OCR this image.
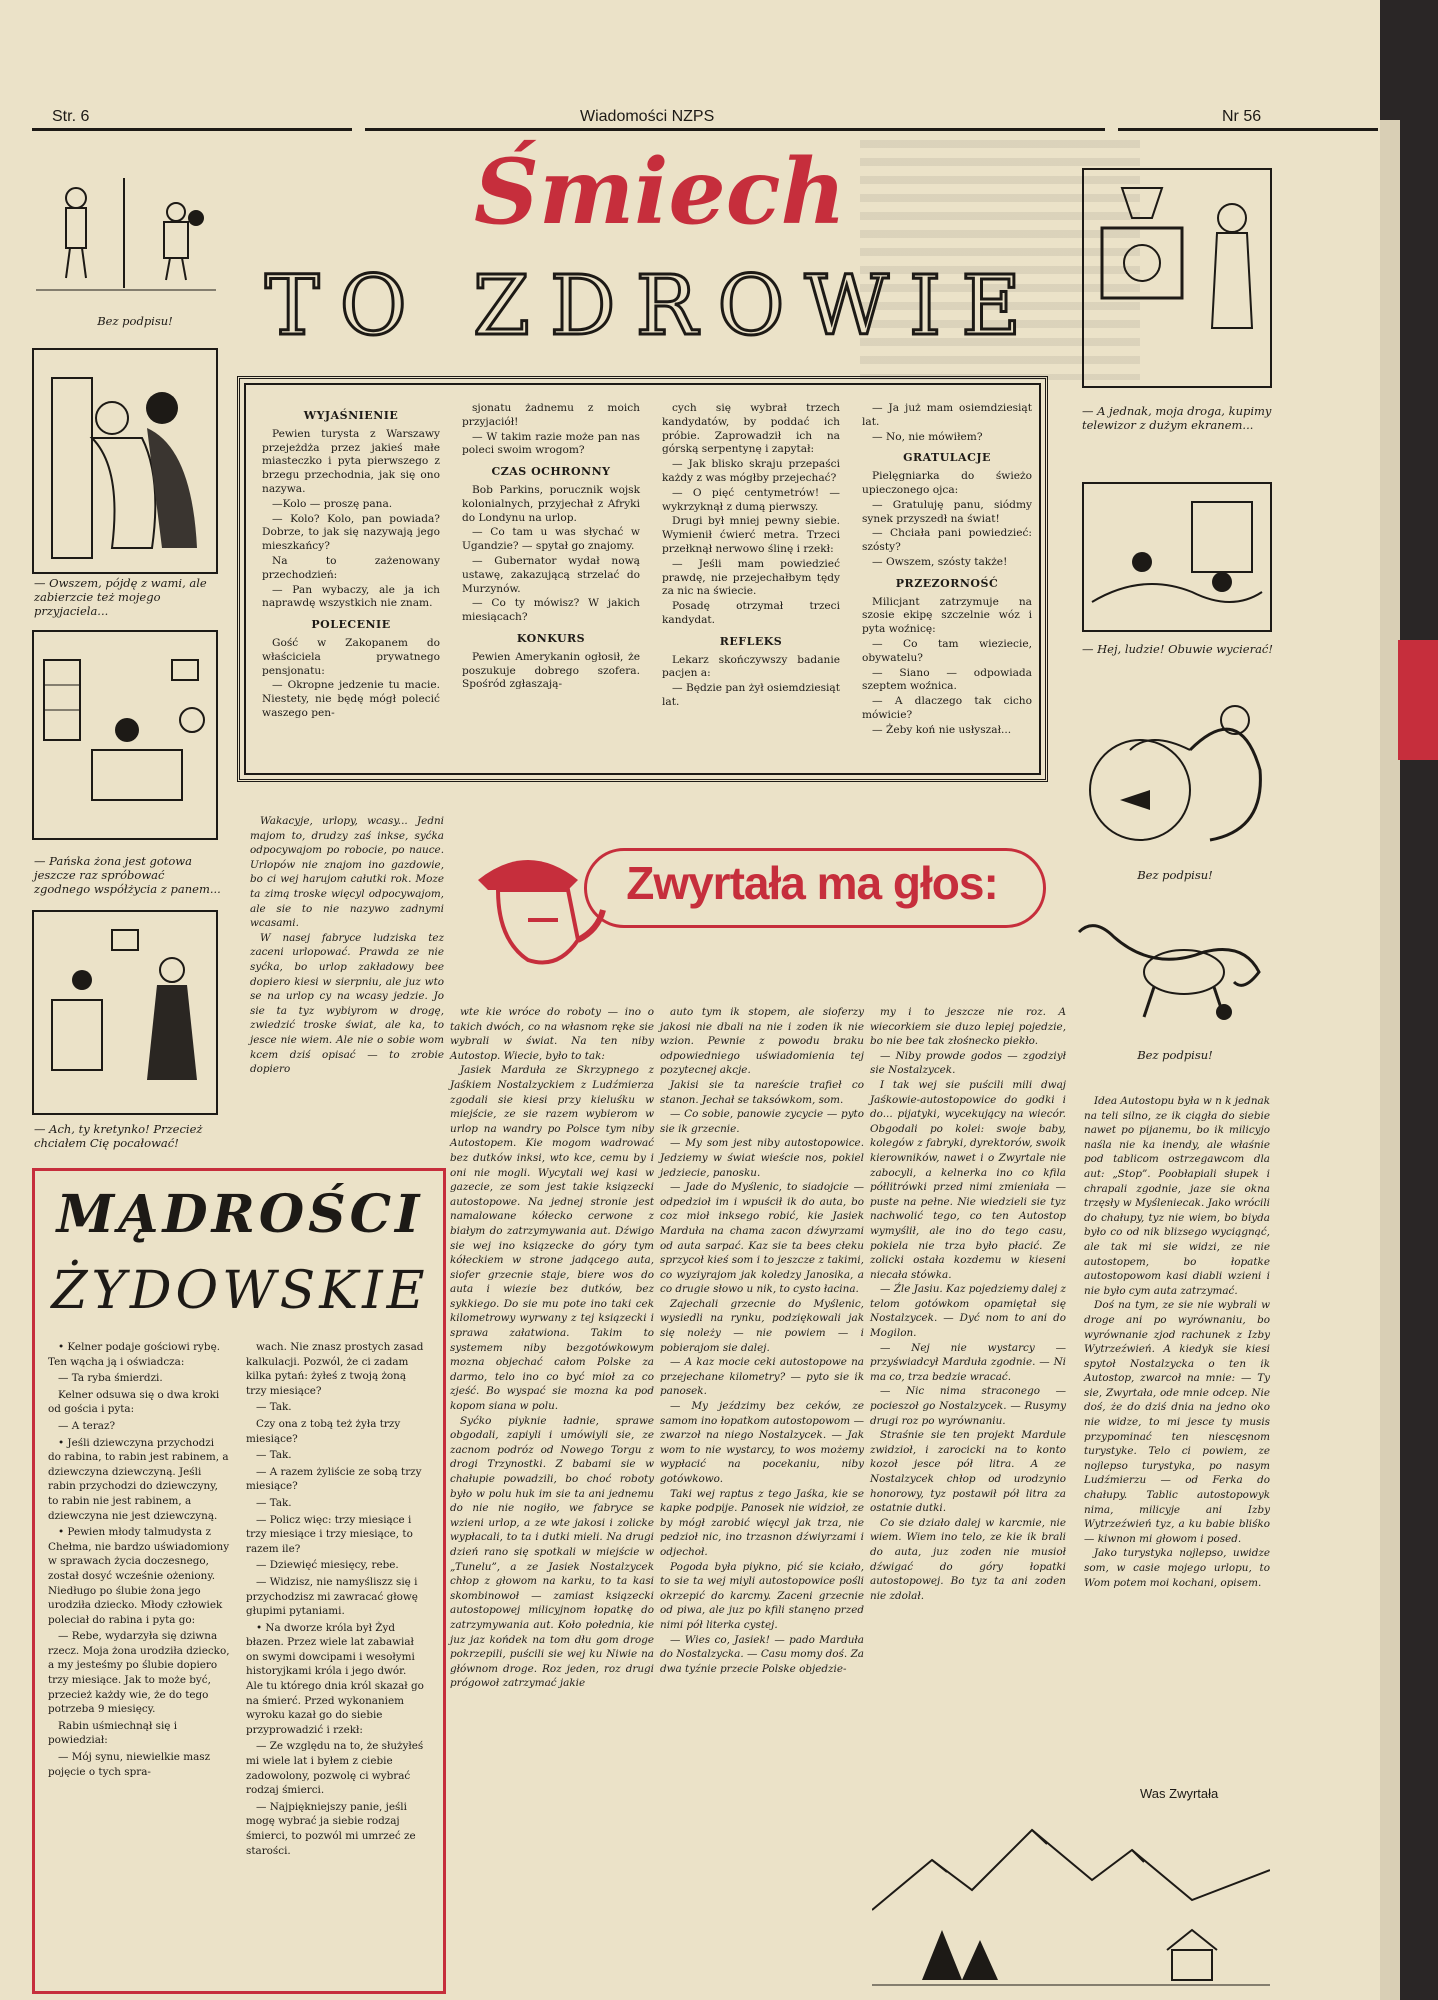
Str. 6	Wiadomości NZPS	Nr 56
Śmiech
TO ZDROWIE
Bez podpisu!
— Owszem, pójdę z wami, ale zabierzcie też mojego przyjaciela...
— Pańska żona jest gotowa jeszcze raz spróbować zgodnego współżycia z panem...
— Ach, ty kretynko! Przecież chciałem Cię pocałować!
— A jednak, moja droga, kupimy telewizor z dużym ekranem...
— Hej, ludzie! Obuwie wycierać!
Bez podpisu!
Bez podpisu!
WYJAŚNIENIE

Pewien turysta z Warszawy przejeżdża przez jakieś małe miasteczko i pyta pierwszego z brzegu przechodnia, jak się ono nazywa.

—Kolo — proszę pana.

— Kolo? Kolo, pan powiada? Dobrze, to jak się nazywają jego mieszkańcy?

Na to zażenowany przechodzień:

— Pan wybaczy, ale ja ich naprawdę wszystkich nie znam.

POLECENIE

Gość w Zakopanem do właściciela prywatnego pensjonatu:

— Okropne jedzenie tu macie. Niestety, nie będę mógł polecić waszego pen-

sjonatu żadnemu z moich przyjaciół!

— W takim razie może pan nas poleci swoim wrogom?

CZAS OCHRONNY

Bob Parkins, porucznik wojsk kolonialnych, przyjechał z Afryki do Londynu na urlop.

— Co tam u was słychać w Ugandzie? — spytał go znajomy.

— Gubernator wydał nową ustawę, zakazującą strzelać do Murzynów.

— Co ty mówisz? W jakich miesiącach?

KONKURS

Pewien Amerykanin ogłosił, że poszukuje dobrego szofera. Spośród zgłaszają-

cych się wybrał trzech kandydatów, by poddać ich próbie. Zaprowadził ich na górską serpentynę i zapytał:

— Jak blisko skraju przepaści każdy z was mógłby przejechać?

— O pięć centymetrów! — wykrzyknął z dumą pierwszy.

Drugi był mniej pewny siebie. Wymienił ćwierć metra. Trzeci przełknął nerwowo ślinę i rzekł:

— Jeśli mam powiedzieć prawdę, nie przejechałbym tędy za nic na świecie.

Posadę otrzymał trzeci kandydat.

REFLEKS

Lekarz skończywszy badanie pacjen a:

— Będzie pan żył osiemdziesiąt lat.

— Ja już mam osiemdziesiąt lat.

— No, nie mówiłem?

GRATULACJE

Pielęgniarka do świeżo upieczonego ojca:

— Gratuluję panu, siódmy synek przyszedł na świat!

— Chciała pani powiedzieć: szósty?

— Owszem, szósty także!

PRZEZORNOŚĆ

Milicjant zatrzymuje na szosie ekipę szczelnie wóz i pyta woźnicę:

— Co tam wieziecie, obywatelu?

— Siano — odpowiada szeptem woźnica.

— A dlaczego tak cicho mówicie?

— Żeby koń nie usłyszał...

Zwyrtała ma głos:

Wakacyje, urlopy, wcasy... Jedni majom to, drudzy zaś inkse, syćka odpocywajom po robocie, po nauce. Urlopów nie znajom ino gazdowie, bo ci wej harujom całutki rok. Moze ta zimą troske więcyl odpocywajom, ale sie to nie nazywo zadnymi wcasami.

W nasej fabryce ludziska tez zaceni urlopować. Prawda ze nie syćka, bo urlop zakładowy bee dopiero kiesi w sierpniu, ale juz wto se na urlop cy na wcasy jedzie. Jo sie ta tyz wybiyrom w drogę, zwiedzić troske świat, ale ka, to jesce nie wiem. Ale nie o sobie wom kcem dziś opisać — to zrobie dopiero

wte kie wróce do roboty — ino o takich dwóch, co na własnom ręke sie wybrali w świat. Na ten niby Autostop. Wiecie, było to tak:

Jasiek Marduła ze Skrzypnego z Jaśkiem Nostalzyckiem z Ludźmierza zgodali sie kiesi przy kieluśku w miejście, ze sie razem wybierom w urlop na wandry po Polsce tym niby Autostopem. Kie mogom wadrować bez dutków inksi, wto kce, cemu by i oni nie mogli. Wycytali wej kasi w gazecie, ze som jest takie ksiązecki autostopowe. Na jednej stronie jest namalowane kółecko cerwone z białym do zatrzymywania aut. Dźwigo sie wej ino ksiązecke do góry tym kółeckiem w strone jadącego auta, siofer grzecnie staje, biere wos do auta i wiezie bez dutków, bez sykkiego. Do sie mu pote ino taki cek kilometrowy wyrwany z tej ksiązecki i sprawa załatwiona. Takim to systemem niby bezgotówkowym mozna objechać całom Polske za darmo, telo ino co być mioł za co zjeść. Bo wyspać sie mozna ka pod kopom siana w polu.

Syćko piyknie ładnie, sprawe obgodali, zapiyli i umówiyli sie, ze zacnom podróz od Nowego Torgu z drogi Trzynostki. Z babami sie w chałupie powadzili, bo choć roboty było w polu huk im sie ta ani jednemu do nie nie nogiło, we fabryce se wzieni urlop, a ze wte jakosi i zolicke wypłacali, to ta i dutki mieli. Na drugi dzień rano się spotkali w miejście w „Tunelu”, a ze Jasiek Nostalzycek chłop z głowom na karku, to ta kasi skombinowoł — zamiast ksiązecki autostopowej milicyjnom łopatkę do zatrzymywania aut. Koło połednia, kie juz jaz końdek na tom dłu gom droge pokrzepili, puścili sie wej ku Niwie na głównom droge. Roz jeden, roz drugi prógowoł zatrzymać jakie

auto tym ik stopem, ale sioferzy jakosi nie dbali na nie i zoden ik nie wzion. Pewnie z powodu braku odpowiedniego uświadomienia tej pozytecnej akcje.

Jakisi sie ta nareście trafieł co stanon. Jechał se taksówkom, som.

— Co sobie, panowie zycycie — pyto sie ik grzecnie.

— My som jest niby autostopowice. Jedziemy w świat wieście nos, pokiel jedziecie, panosku.

— Jade do Myślenic, to siadojcie — odpedzioł im i wpuścił ik do auta, bo coz mioł inksego robić, kie Jasiek Marduła na chama zacon dźwyrzami od auta sarpać. Kaz sie ta bees cłeku sprzycoł kieś som i to jeszcze z takimi, co wyziyrajom jak koledzy Janosika, a co drugie słowo u nik, to cysto łacina.

Zajechali grzecnie do Myślenic, wysiedli na rynku, podziękowali jak się noleży — nie powiem — i pobierajom sie dalej.

— A kaz mocie ceki autostopowe na przejechane kilometry? — pyto sie ik panosek.

— My jeździmy bez ceków, ze samom ino łopatkom autostopowom — zwarzoł na niego Nostalzycek. — Jak wom to nie wystarcy, to wos możemy wypłacić na pocekaniu, niby gotówkowo.

Taki wej raptus z tego Jaśka, kie se kapke podpije. Panosek nie widzioł, ze by mógł zarobić więcyl jak trza, nie pedzioł nic, ino trzasnon dźwiyrzami i odjechoł.

Pogoda była piykno, pić sie kciało, to sie ta wej miyli autostopowice pośli okrzepić do karcmy. Zaceni grzecnie od piwa, ale juz po kfili stanęno przed nimi pół literka cystej.

— Wies co, Jasiek! — pado Marduła do Nostalzycka. — Casu momy doś. Za dwa tyźnie przecie Polske objedzie-

my i to jeszcze nie roz. A wiecorkiem sie duzo lepiej pojedzie, bo nie bee tak złośnecko piekło.

— Niby prowde godos — zgodziył sie Nostalzycek.

I tak wej sie puścili mili dwaj Jaśkowie-autostopowice do godki i do... pijatyki, wycekujący na wiecór. Obgodali po kolei: swoje baby, kolegów z fabryki, dyrektorów, swoik kierowników, nawet i o Zwyrtale nie zabocyli, a kelnerka ino co kfila półlitrówki przed nimi zmieniała — puste na pełne. Nie wiedzieli sie tyz nachwolić tego, co ten Autostop wymyślił, ale ino do tego casu, pokiela nie trza było płacić. Ze zolicki ostała kozdemu w kieseni niecała stówka.

— Źle Jasiu. Kaz pojedziemy dalej z telom gotówkom opamiętał się Nostalzycek. — Dyć nom to ani do Mogilon.

— Nej nie wystarcy — przyświadcył Marduła zgodnie. — Ni ma co, trza bedzie wracać.

— Nic nima straconego — pocieszoł go Nostalzycek. — Rusymy drugi roz po wyrównaniu.

Straśnie sie ten projekt Mardule zwidzioł, i zarocicki na to konto kozoł jesce pół litra. A ze Nostalzycek chłop od urodzynio honorowy, tyz postawił pół litra za ostatnie dutki.

Co sie działo dalej w karcmie, nie wiem. Wiem ino telo, ze kie ik brali do auta, juz zoden nie musioł dźwigać do góry łopatki autostopowej. Bo tyz ta ani zoden nie zdolał.

Idea Autostopu była w n k jednak na teli silno, ze ik ciągła do siebie nawet po pijanemu, bo ik milicyjo naśla nie ka inendy, ale właśnie pod tablicom ostrzegawcom dla aut: „Stop”. Poobłapiali słupek i chrapali zgodnie, jaze sie okna trzęsły w Myśleniecak. Jako wrócili do chałupy, tyz nie wiem, bo biyda było co od nik blizsego wyciągnąć, ale tak mi sie widzi, ze nie autostopem, bo łopatke autostopowom kasi diabli wzieni i nie było cym auta zatrzymać.

Doś na tym, ze sie nie wybrali w droge ani po wyrównaniu, bo wyrównanie zjod rachunek z Izby Wytrzeźwień. A kiedyk sie kiesi spytoł Nostalzycka o ten ik Autostop, zwarcoł na mnie: — Ty sie, Zwyrtała, ode mnie odcep. Nie doś, że do dziś dnia na jedno oko nie widze, to mi jesce ty musis przypominać ten niescęsnom turystyke. Telo ci powiem, ze nojlepso turystyka, po nasym Ludźmierzu — od Ferka do chałupy. Tablic autostopowyk nima, milicyje ani Izby Wytrzeźwień tyz, a ku babie bliśko — kiwnon mi głowom i posed.

Jako turystyka nojlepso, uwidze som, w casie mojego urlopu, to Wom potem moi kochani, opisem.

Was Zwyrtała
MĄDROŚCI
ŻYDOWSKIE

• Kelner podaje gościowi rybę. Ten wącha ją i oświadcza:

— Ta ryba śmierdzi.

Kelner odsuwa się o dwa kroki od gościa i pyta:

— A teraz?

• Jeśli dziewczyna przychodzi do rabina, to rabin jest rabinem, a dziewczyna dziewczyną. Jeśli rabin przychodzi do dziewczyny, to rabin nie jest rabinem, a dziewczyna nie jest dziewczyną.

• Pewien młody talmudysta z Chełma, nie bardzo uświadomiony w sprawach życia doczesnego, został dosyć wcześnie ożeniony. Niedługo po ślubie żona jego urodziła dziecko. Młody człowiek poleciał do rabina i pyta go:

— Rebe, wydarzyła się dziwna rzecz. Moja żona urodziła dziecko, a my jesteśmy po ślubie dopiero trzy miesiące. Jak to może być, przecież każdy wie, że do tego potrzeba 9 miesięcy.

Rabin uśmiechnął się i powiedział:

— Mój synu, niewielkie masz pojęcie o tych spra-

wach. Nie znasz prostych zasad kalkulacji. Pozwól, że ci zadam kilka pytań: żyłeś z twoją żoną trzy miesiące?

— Tak.

Czy ona z tobą też żyła trzy miesiące?

— Tak.

— A razem żyliście ze sobą trzy miesiące?

— Tak.

— Policz więc: trzy miesiące i trzy miesiące i trzy miesiące, to razem ile?

— Dziewięć miesięcy, rebe.

— Widzisz, nie namyśliszz się i przychodzisz mi zawracać głowę głupimi pytaniami.

• Na dworze króla był Żyd błazen. Przez wiele lat zabawiał on swymi dowcipami i wesołymi historyjkami króla i jego dwór. Ale tu którego dnia król skazał go na śmierć. Przed wykonaniem wyroku kazał go do siebie przyprowadzić i rzekł:

— Ze względu na to, że służyłeś mi wiele lat i byłem z ciebie zadowolony, pozwolę ci wybrać rodzaj śmierci.

— Najpiękniejszy panie, jeśli mogę wybrać ja siebie rodzaj śmierci, to pozwól mi umrzeć ze starości.
